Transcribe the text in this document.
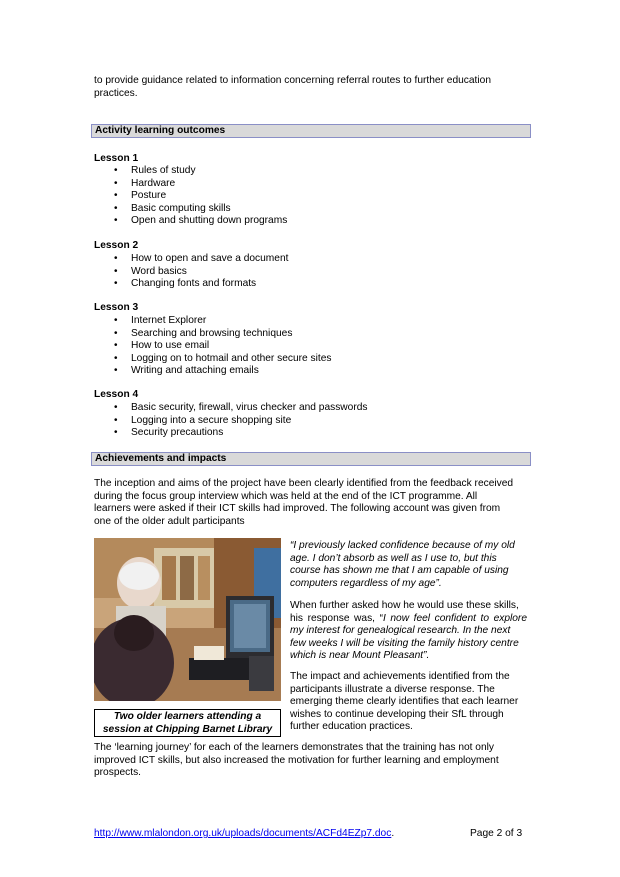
to provide guidance related to information concerning referral routes to further education
practices.
Activity learning outcomes
Lesson 1
• Rules of study
• Hardware
• Posture
• Basic computing skills
• Open and shutting down programs
Lesson 2
• How to open and save a document
• Word basics
• Changing fonts and formats
Lesson 3
• Internet Explorer
• Searching and browsing techniques
• How to use email
• Logging on to hotmail and other secure sites
• Writing and attaching emails
Lesson 4
• Basic security, firewall, virus checker and passwords
• Logging into a secure shopping site
• Security precautions
Achievements and impacts
The inception and aims of the project have been clearly identified from the feedback received
during the focus group interview which was held at the end of the ICT programme. All
learners were asked if their ICT skills had improved. The following account was given from
one of the older adult participants
Two older learners attending a
session at Chipping Barnet Library
“I previously lacked confidence because of my old
age. I don’t absorb as well as I use to, but this
course has shown me that I am capable of using
computers regardless of my age”.
When further asked how he would use these skills,
his response was, “I now feel confident to explore
my interest for genealogical research. In the next
few weeks I will be visiting the family history centre
which is near Mount Pleasant”.
The impact and achievements identified from the
participants illustrate a diverse response. The
emerging theme clearly identifies that each learner
wishes to continue developing their SfL through
further education practices.
The ‘learning journey’ for each of the learners demonstrates that the training has not only
improved ICT skills, but also increased the motivation for further learning and employment
prospects.
http://www.mlalondon.org.uk/uploads/documents/ACFd4EZp7.doc.	Page 2 of 3
